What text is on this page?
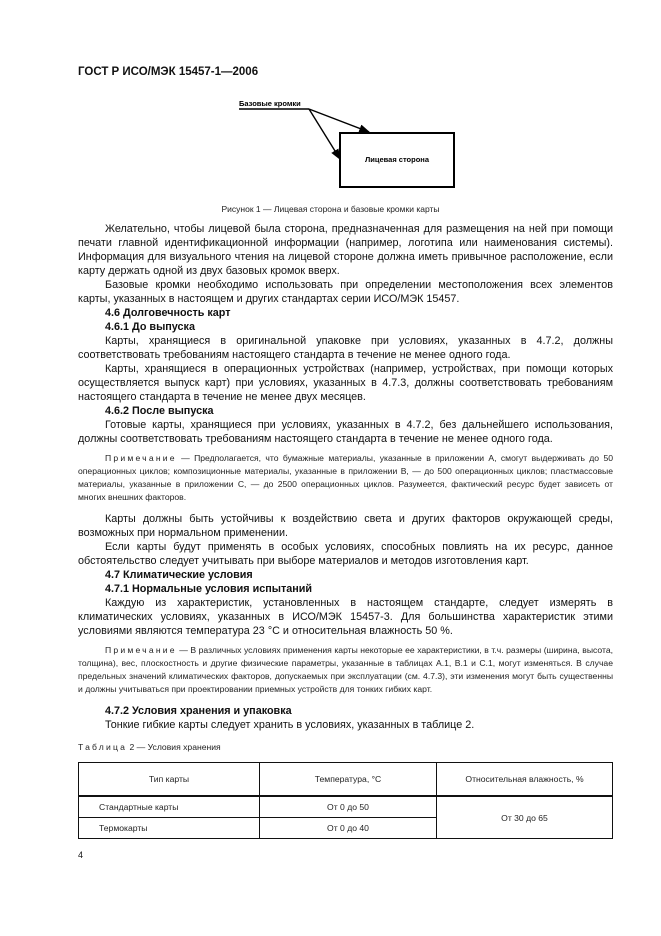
ГОСТ Р ИСО/МЭК 15457-1—2006
Базовые кромки
Лицевая сторона
Рисунок 1 — Лицевая сторона и базовые кромки карты

Желательно, чтобы лицевой была сторона, предназначенная для размещения на ней при помощи печати главной идентификационной информации (например, логотипа или наименования системы). Информация для визуального чтения на лицевой стороне должна иметь привычное расположение, если карту держать одной из двух базовых кромок вверх.

Базовые кромки необходимо использовать при определении местоположения всех элементов карты, указанных в настоящем и других стандартах серии ИСО/МЭК 15457.

4.6 Долговечность карт

4.6.1 До выпуска

Карты, хранящиеся в оригинальной упаковке при условиях, указанных в 4.7.2, должны соответствовать требованиям настоящего стандарта в течение не менее одного года.

Карты, хранящиеся в операционных устройствах (например, устройствах, при помощи которых осуществляется выпуск карт) при условиях, указанных в 4.7.3, должны соответствовать требованиям настоящего стандарта в течение не менее двух месяцев.

4.6.2 После выпуска

Готовые карты, хранящиеся при условиях, указанных в 4.7.2, без дальнейшего использования, должны соответствовать требованиям настоящего стандарта в течение не менее одного года.

Примечание — Предполагается, что бумажные материалы, указанные в приложении А, смогут выдерживать до 50 операционных циклов; композиционные материалы, указанные в приложении В, — до 500 операционных циклов; пластмассовые материалы, указанные в приложении С, — до 2500 операционных циклов. Разумеется, фактический ресурс будет зависеть от многих внешних факторов.

Карты должны быть устойчивы к воздействию света и других факторов окружающей среды, возможных при нормальном применении.

Если карты будут применять в особых условиях, способных повлиять на их ресурс, данное обстоятельство следует учитывать при выборе материалов и методов изготовления карт.

4.7 Климатические условия

4.7.1 Нормальные условия испытаний

Каждую из характеристик, установленных в настоящем стандарте, следует измерять в климатических условиях, указанных в ИСО/МЭК 15457-3. Для большинства характеристик этими условиями являются температура 23 °С и относительная влажность 50 %.

Примечание — В различных условиях применения карты некоторые ее характеристики, в т.ч. размеры (ширина, высота, толщина), вес, плоскостность и другие физические параметры, указанные в таблицах А.1, В.1 и С.1, могут изменяться. В случае предельных значений климатических факторов, допускаемых при эксплуатации (см. 4.7.3), эти изменения могут быть существенны и должны учитываться при проектировании приемных устройств для тонких гибких карт.

4.7.2 Условия хранения и упаковка

Тонкие гибкие карты следует хранить в условиях, указанных в таблице 2.

Таблица 2 — Условия хранения
Тип карты	Температура, °С	Относительная влажность, %
Стандартные карты	От 0 до 50	От 30 до 65
Термокарты	От 0 до 40	
4
